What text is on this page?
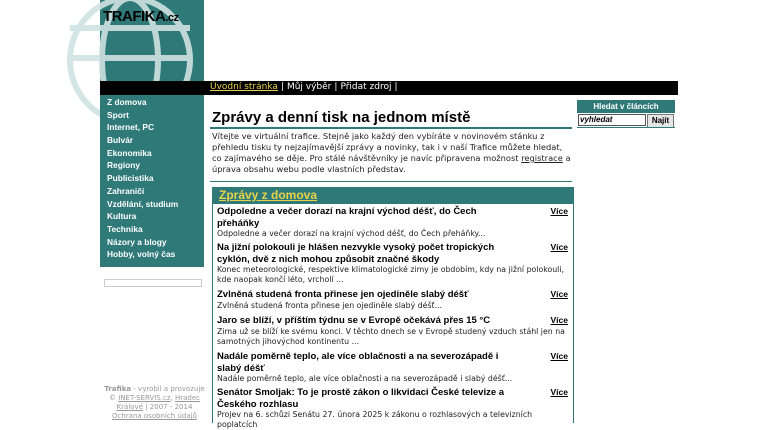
TRAFIKA.cz
Úvodní stránka | Můj výběr | Přidat zdroj |
Z domova
Sport
Internet, PC
Bulvár
Ekonomika
Regiony
Publicistika
Zahraničí
Vzdělání, studium
Kultura
Technika
Názory a blogy
Hobby, volný čas
Trafika - vyrobil a provozuje
© INET-SERVIS.cz, Hradec Králové | 2007 - 2014
Ochrana osobních údajů
Zprávy a denní tisk na jednom místě
Vítejte ve virtuální trafice. Stejně jako každý den vybíráte v novinovém stánku z přehledu tisku ty nejzajímavější zprávy a novinky, tak i v naší Trafice můžete hledat, co zajímavého se děje. Pro stálé návštěvníky je navíc připravena možnost registrace a úprava obsahu webu podle vlastních představ.
Zprávy z domova
Odpoledne a večer dorazí na krajní východ déšť, do Čech přeháňky
Více
Odpoledne a večer dorazí na krajní východ déšť, do Čech přeháňky...
Na jižní polokouli je hlášen nezvykle vysoký počet tropických cyklón, dvě z nich mohou způsobit značné škody
Více
Konec meteorologické, respektive klimatologické zimy je obdobím, kdy na jižní polokouli, kde naopak končí léto, vrcholí ...
Zvlněná studená fronta přinese jen ojediněle slabý déšť	Více
Zvlněná studená fronta přinese jen ojediněle slabý déšť...
Jaro se blíží, v příštím týdnu se v Evropě očekává přes 15 °C	Více
Zima už se blíží ke svému konci. V těchto dnech se v Evropě studený vzduch stáhl jen na samotných jihovýchod kontinentu ...
Nadále poměrně teplo, ale více oblačnosti a na severozápadě i slabý déšť
Více
Nadále poměrně teplo, ale více oblačnosti a na severozápadě i slabý déšť...
Senátor Smoljak: To je prostě zákon o likvidaci České televize a Českého rozhlasu
Více
Projev na 6. schůzi Senátu 27. února 2025 k zákonu o rozhlasových a televizních poplatcích
Hledat v článcích
vyhledat
Najít
